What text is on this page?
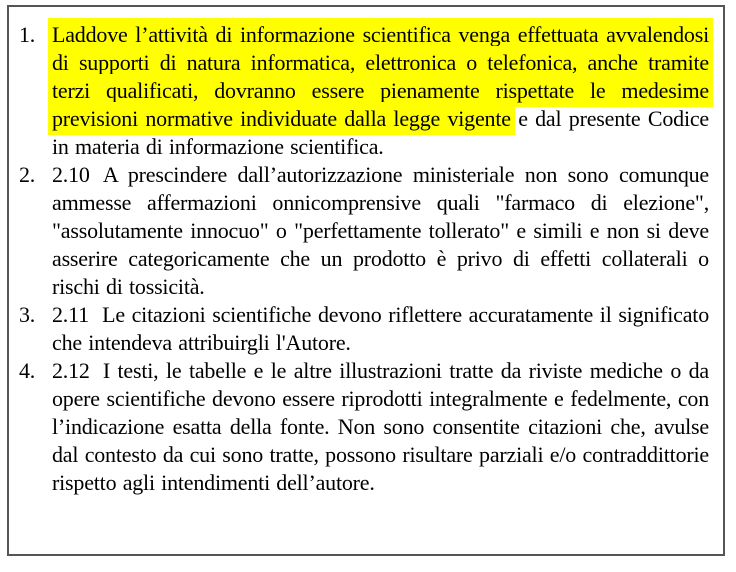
1. Laddove l’attività di informazione scientifica venga effettuata avvalendosi di supporti di natura informatica, elettronica o telefonica, anche tramite terzi qualificati, dovranno essere pienamente rispettate le medesime previsioni normative individuate dalla legge vigente e dal presente Codice in materia di informazione scientifica.
2. 2.10 A prescindere dall’autorizzazione ministeriale non sono comunque ammesse affermazioni onnicomprensive quali "farmaco di elezione", "assolutamente innocuo" o "perfettamente tollerato" e simili e non si deve asserire categoricamente che un prodotto è privo di effetti collaterali o rischi di tossicità.
3. 2.11 Le citazioni scientifiche devono riflettere accuratamente il significato che intendeva attribuirgli l'Autore.
4. 2.12 I testi, le tabelle e le altre illustrazioni tratte da riviste mediche o da opere scientifiche devono essere riprodotti integralmente e fedelmente, con l’indicazione esatta della fonte. Non sono consentite citazioni che, avulse dal contesto da cui sono tratte, possono risultare parziali e/o contraddittorie rispetto agli intendimenti dell’autore.
